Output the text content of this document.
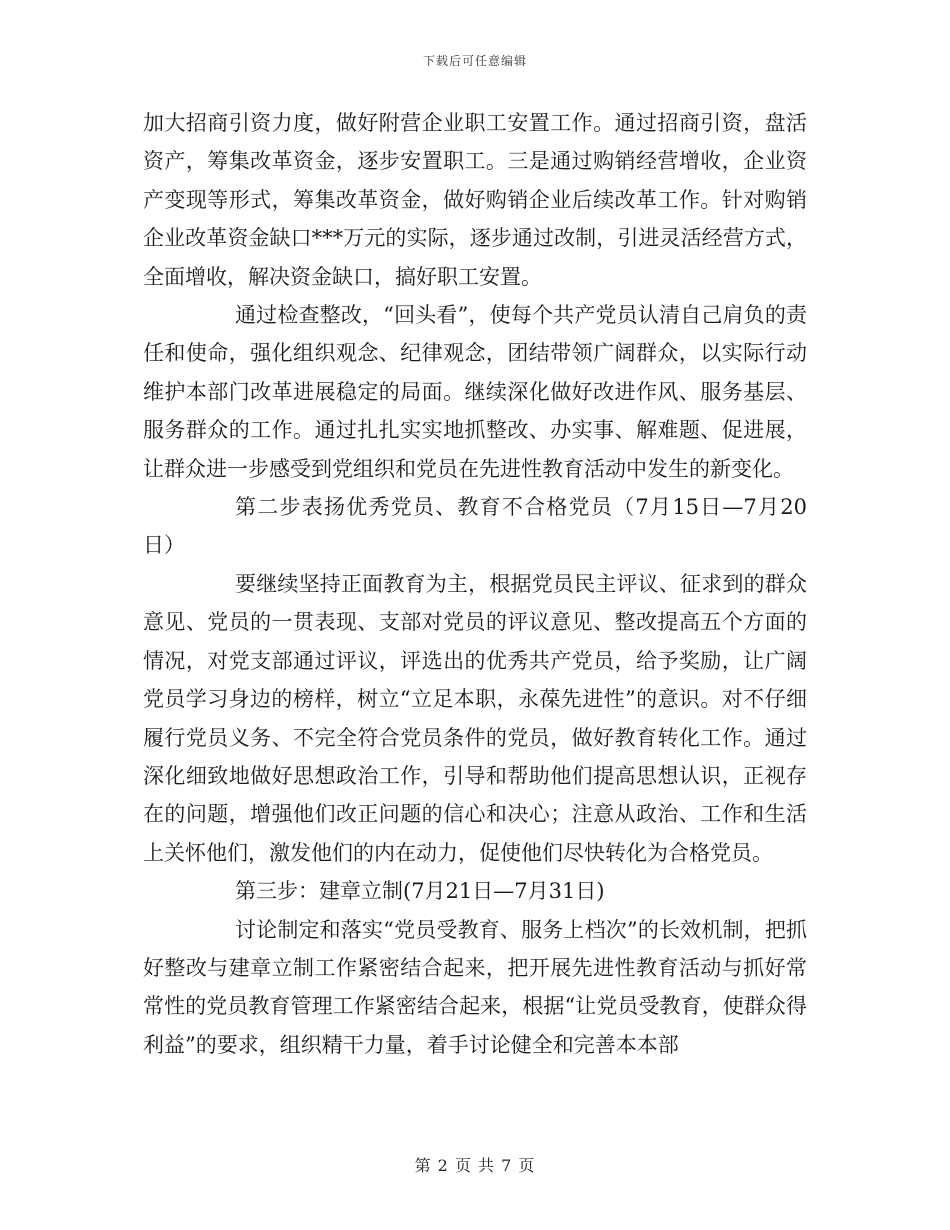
下载后可任意编辑

加大招商引资力度，做好附营企业职工安置工作。通过招商引资，盘活资产，筹集改革资金，逐步安置职工。三是通过购销经营增收，企业资产变现等形式，筹集改革资金，做好购销企业后续改革工作。针对购销企业改革资金缺口***万元的实际，逐步通过改制，引进灵活经营方式，全面增收，解决资金缺口，搞好职工安置。

通过检查整改，“回头看”，使每个共产党员认清自己肩负的责任和使命，强化组织观念、纪律观念，团结带领广阔群众，以实际行动维护本部门改革进展稳定的局面。继续深化做好改进作风、服务基层、服务群众的工作。通过扎扎实实地抓整改、办实事、解难题、促进展，让群众进一步感受到党组织和党员在先进性教育活动中发生的新变化。

第二步表扬优秀党员、教育不合格党员（7月15日—7月20日）

要继续坚持正面教育为主，根据党员民主评议、征求到的群众意见、党员的一贯表现、支部对党员的评议意见、整改提高五个方面的情况，对党支部通过评议，评选出的优秀共产党员，给予奖励，让广阔党员学习身边的榜样，树立“立足本职，永葆先进性”的意识。对不仔细履行党员义务、不完全符合党员条件的党员，做好教育转化工作。通过深化细致地做好思想政治工作，引导和帮助他们提高思想认识，正视存在的问题，增强他们改正问题的信心和决心；注意从政治、工作和生活上关怀他们，激发他们的内在动力，促使他们尽快转化为合格党员。

第三步：建章立制(7月21日—7月31日)

讨论制定和落实“党员受教育、服务上档次”的长效机制，把抓好整改与建章立制工作紧密结合起来，把开展先进性教育活动与抓好常常性的党员教育管理工作紧密结合起来，根据“让党员受教育，使群众得利益”的要求，组织精干力量，着手讨论健全和完善本本部

第 2 页 共 7 页
